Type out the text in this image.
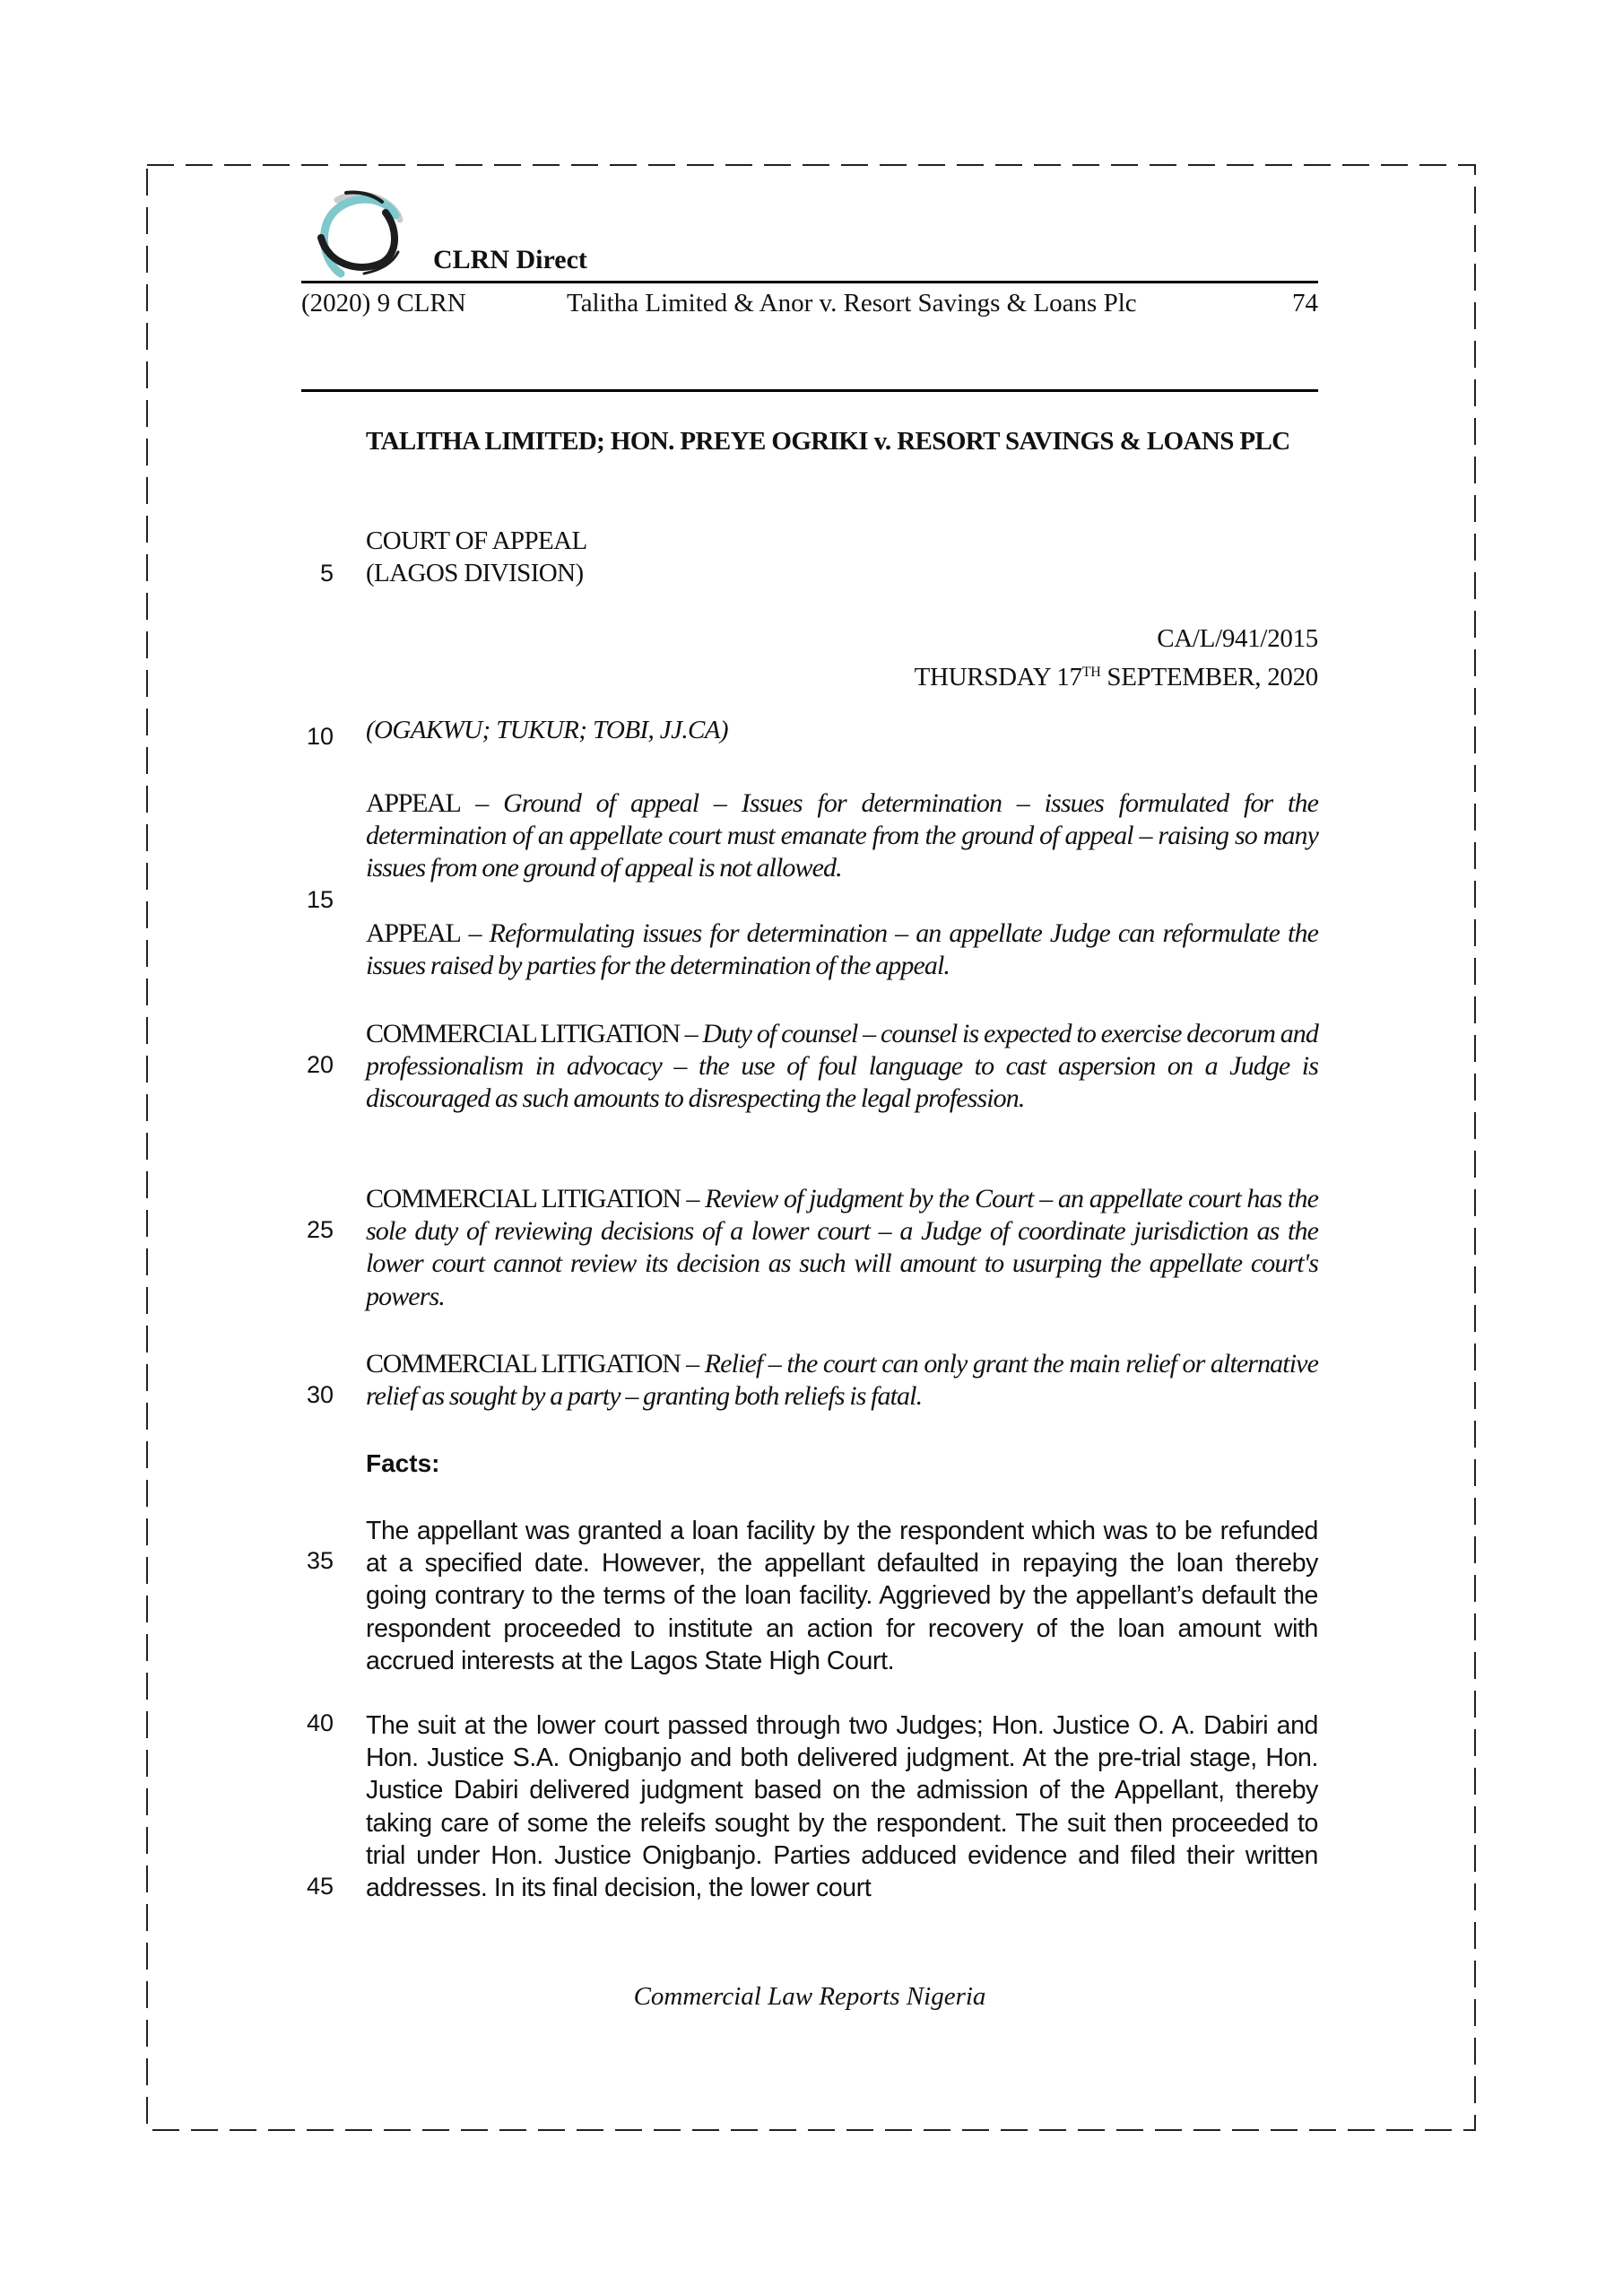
CLRN Direct
(2020) 9 CLRN	Talitha Limited & Anor v. Resort Savings & Loans Plc	74
TALITHA LIMITED; HON. PREYE OGRIKI v. RESORT SAVINGS & LOANS PLC
COURT OF APPEAL
(LAGOS DIVISION)
CA/L/941/2015
THURSDAY 17TH SEPTEMBER, 2020
(OGAKWU; TUKUR; TOBI, JJ.CA)
APPEAL – Ground of appeal – Issues for determination – issues formulated for the determination of an appellate court must emanate from the ground of appeal – raising so many issues from one ground of appeal is not allowed.
APPEAL – Reformulating issues for determination – an appellate Judge can reformulate the issues raised by parties for the determination of the appeal.
COMMERCIAL LITIGATION – Duty of counsel – counsel is expected to exercise decorum and professionalism in advocacy – the use of foul language to cast aspersion on a Judge is discouraged as such amounts to disrespecting the legal profession.
COMMERCIAL LITIGATION – Review of judgment by the Court – an appellate court has the sole duty of reviewing decisions of a lower court – a Judge of coordinate jurisdiction as the lower court cannot review its decision as such will amount to usurping the appellate court's powers.
COMMERCIAL LITIGATION – Relief – the court can only grant the main relief or alternative relief as sought by a party – granting both reliefs is fatal.
Facts:
The appellant was granted a loan facility by the respondent which was to be refunded at a specified date. However, the appellant defaulted in repaying the loan thereby going contrary to the terms of the loan facility. Aggrieved by the appellant’s default the respondent proceeded to institute an action for recovery of the loan amount with accrued interests at the Lagos State High Court.
The suit at the lower court passed through two Judges; Hon. Justice O. A. Dabiri and Hon. Justice S.A. Onigbanjo and both delivered judgment. At the pre-trial stage, Hon. Justice Dabiri delivered judgment based on the admission of the Appellant, thereby taking care of some the releifs sought by the respondent. The suit then proceeded to trial under Hon. Justice Onigbanjo. Parties adduced evidence and filed their written addresses. In its final decision, the lower court
5
10
15
20
25
30
35
40
45
Commercial Law Reports Nigeria
